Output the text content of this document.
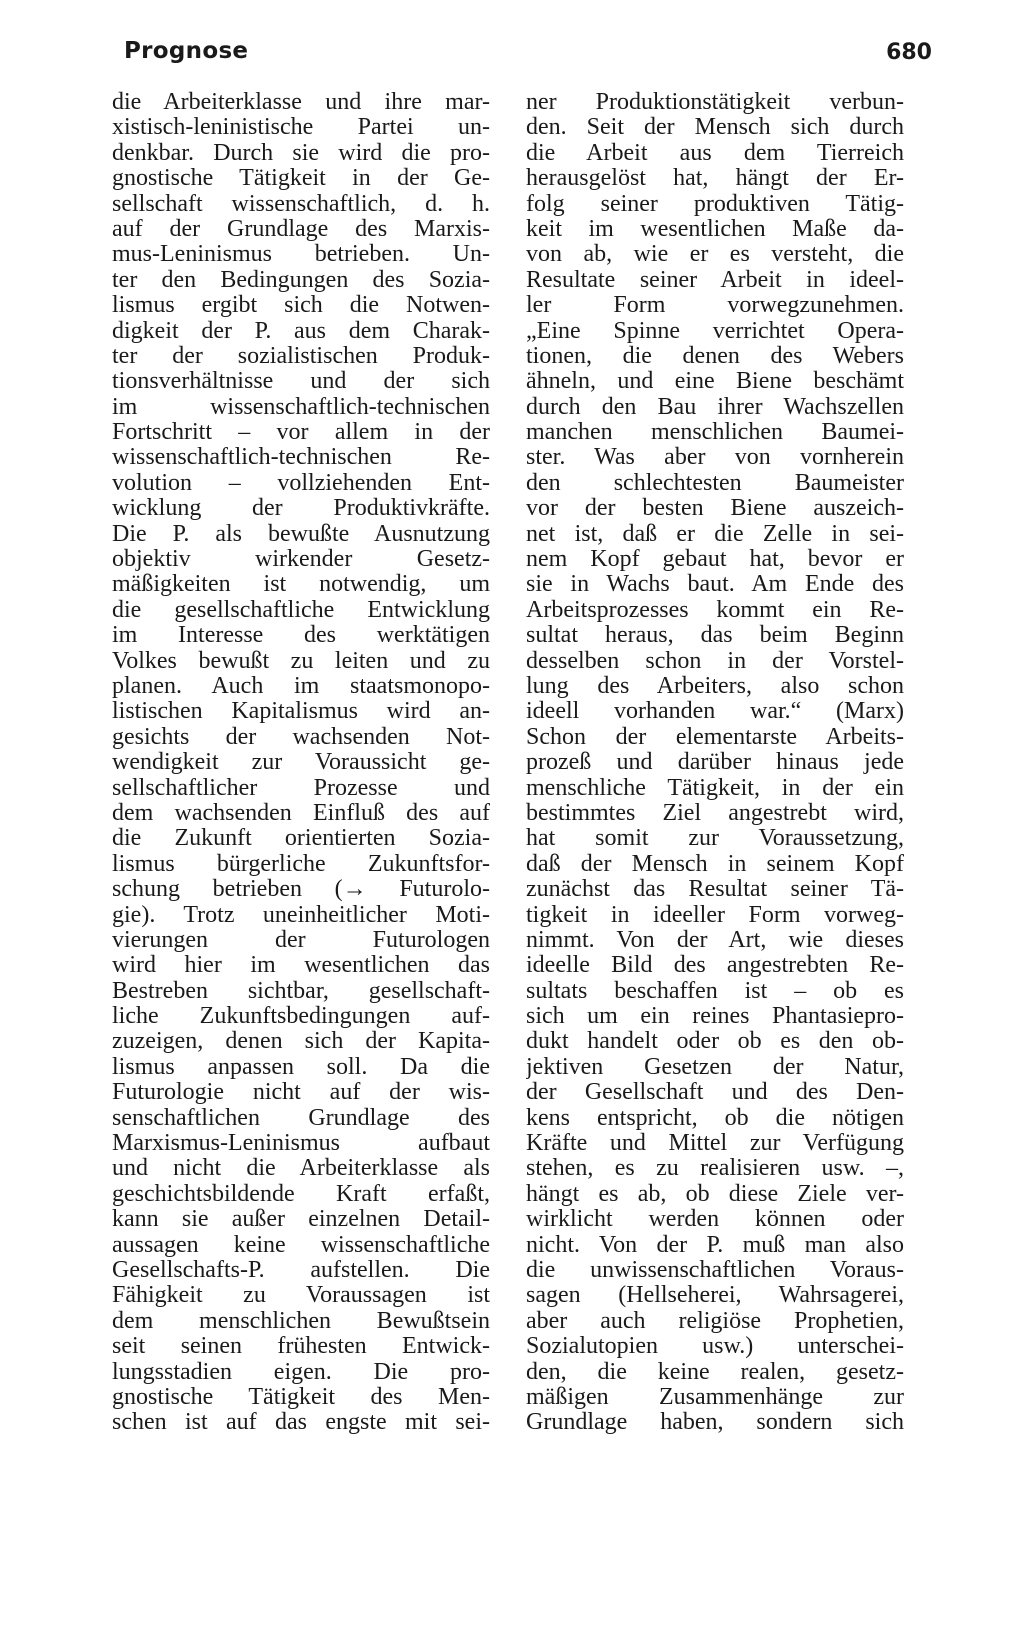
Prognose	680
die Arbeiterklasse und ihre mar-
xistisch-leninistische Partei un-
denkbar. Durch sie wird die pro-
gnostische Tätigkeit in der Ge-
sellschaft wissenschaftlich, d. h.
auf der Grundlage des Marxis-
mus-Leninismus betrieben. Un-
ter den Bedingungen des Sozia-
lismus ergibt sich die Notwen-
digkeit der P. aus dem Charak-
ter der sozialistischen Produk-
tionsverhältnisse und der sich
im wissenschaftlich-technischen
Fortschritt – vor allem in der
wissenschaftlich-technischen Re-
volution – vollziehenden Ent-
wicklung der Produktivkräfte.
Die P. als bewußte Ausnutzung
objektiv wirkender Gesetz-
mäßigkeiten ist notwendig, um
die gesellschaftliche Entwicklung
im Interesse des werktätigen
Volkes bewußt zu leiten und zu
planen. Auch im staatsmonopo-
listischen Kapitalismus wird an-
gesichts der wachsenden Not-
wendigkeit zur Voraussicht ge-
sellschaftlicher Prozesse und
dem wachsenden Einfluß des auf
die Zukunft orientierten Sozia-
lismus bürgerliche Zukunftsfor-
schung betrieben (→ Futurolo-
gie). Trotz uneinheitlicher Moti-
vierungen der Futurologen
wird hier im wesentlichen das
Bestreben sichtbar, gesellschaft-
liche Zukunftsbedingungen auf-
zuzeigen, denen sich der Kapita-
lismus anpassen soll. Da die
Futurologie nicht auf der wis-
senschaftlichen Grundlage des
Marxismus-Leninismus aufbaut
und nicht die Arbeiterklasse als
geschichtsbildende Kraft erfaßt,
kann sie außer einzelnen Detail-
aussagen keine wissenschaftliche
Gesellschafts-P. aufstellen. Die
Fähigkeit zu Voraussagen ist
dem menschlichen Bewußtsein
seit seinen frühesten Entwick-
lungsstadien eigen. Die pro-
gnostische Tätigkeit des Men-
schen ist auf das engste mit sei-
ner Produktionstätigkeit verbun-
den. Seit der Mensch sich durch
die Arbeit aus dem Tierreich
herausgelöst hat, hängt der Er-
folg seiner produktiven Tätig-
keit im wesentlichen Maße da-
von ab, wie er es versteht, die
Resultate seiner Arbeit in ideel-
ler Form vorwegzunehmen.
„Eine Spinne verrichtet Opera-
tionen, die denen des Webers
ähneln, und eine Biene beschämt
durch den Bau ihrer Wachszellen
manchen menschlichen Baumei-
ster. Was aber von vornherein
den schlechtesten Baumeister
vor der besten Biene auszeich-
net ist, daß er die Zelle in sei-
nem Kopf gebaut hat, bevor er
sie in Wachs baut. Am Ende des
Arbeitsprozesses kommt ein Re-
sultat heraus, das beim Beginn
desselben schon in der Vorstel-
lung des Arbeiters, also schon
ideell vorhanden war.“ (Marx)
Schon der elementarste Arbeits-
prozeß und darüber hinaus jede
menschliche Tätigkeit, in der ein
bestimmtes Ziel angestrebt wird,
hat somit zur Voraussetzung,
daß der Mensch in seinem Kopf
zunächst das Resultat seiner Tä-
tigkeit in ideeller Form vorweg-
nimmt. Von der Art, wie dieses
ideelle Bild des angestrebten Re-
sultats beschaffen ist – ob es
sich um ein reines Phantasiepro-
dukt handelt oder ob es den ob-
jektiven Gesetzen der Natur,
der Gesellschaft und des Den-
kens entspricht, ob die nötigen
Kräfte und Mittel zur Verfügung
stehen, es zu realisieren usw. –,
hängt es ab, ob diese Ziele ver-
wirklicht werden können oder
nicht. Von der P. muß man also
die unwissenschaftlichen Voraus-
sagen (Hellseherei, Wahrsagerei,
aber auch religiöse Prophetien,
Sozialutopien usw.) unterschei-
den, die keine realen, gesetz-
mäßigen Zusammenhänge zur
Grundlage haben, sondern sich
